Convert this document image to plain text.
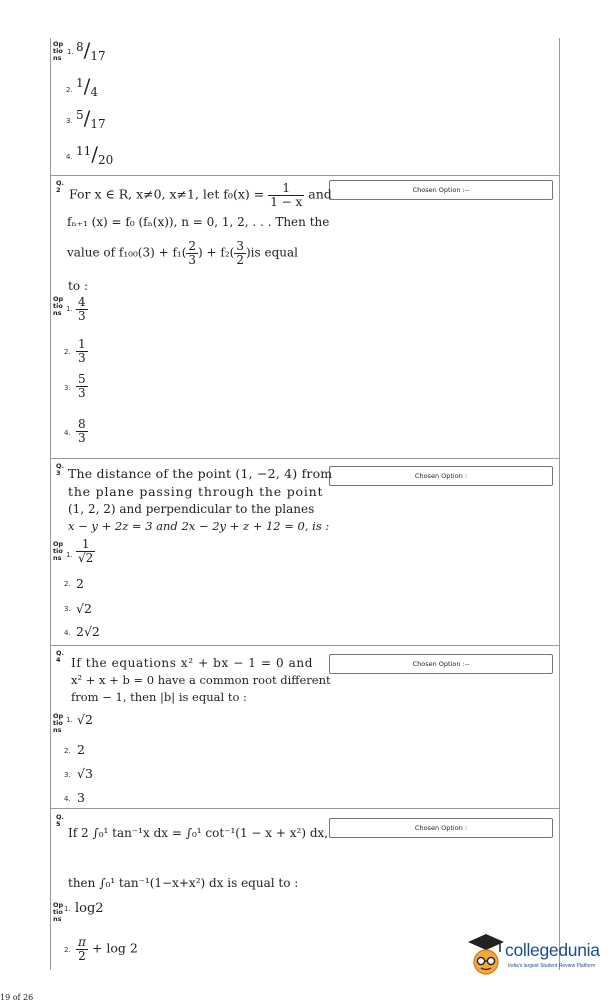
Op
tio
ns
1. $^8/_{17}$
2. $^1/_4$
3. $^5/_{17}$
4. $^{11}/_{20}$
Q.
2	Chosen Option :--
For x ∈ R, x≠0, x≠1, let $f_0(x) = \frac{1}{1 - x}$ and
fₙ₊₁ (x) = f₀ (fₙ(x)), n = 0, 1, 2, . . . Then the
value of $f_{100}(3) + f_1( \frac{2}{3}$ ) + $f_2( \frac{3}{2} )is$ equal
to :
Op
tio
ns 1. $\frac{4}{3}$
2. $\frac{1}{3}$
3. $\frac{5}{3}$
4. $\frac{8}{3}$
Q.
3	Chosen Option :
The distance of the point (1, −2, 4) from
the plane passing through the point
(1, 2, 2) and perpendicular to the planes
x − y + 2z = 3 and 2x − 2y + z + 12 = 0, is :
Op
tio
ns 1. $\frac{1}{√2}$
2. 2
3. √2
4. 2√2
Q.
4	Chosen Option :--
If the equations x² + bx − 1 = 0 and
x² + x + b = 0 have a common root different
from − 1, then |b| is equal to :
Op
tio
ns
1. √2
2. 2
3. √3
4. 3
Q.
5	Chosen Option :
If 2 ∫₀¹ tan⁻¹x dx = ∫₀¹ cot⁻¹(1 − x + x²) dx,
then ∫₀¹ tan⁻¹(1−x+x²) dx is equal to :
Op
tio
ns
1. log2
2. $\frac{\pi}{2} + \log 2$
19 of 26
collegedunia
India's largest Student Review Platform
